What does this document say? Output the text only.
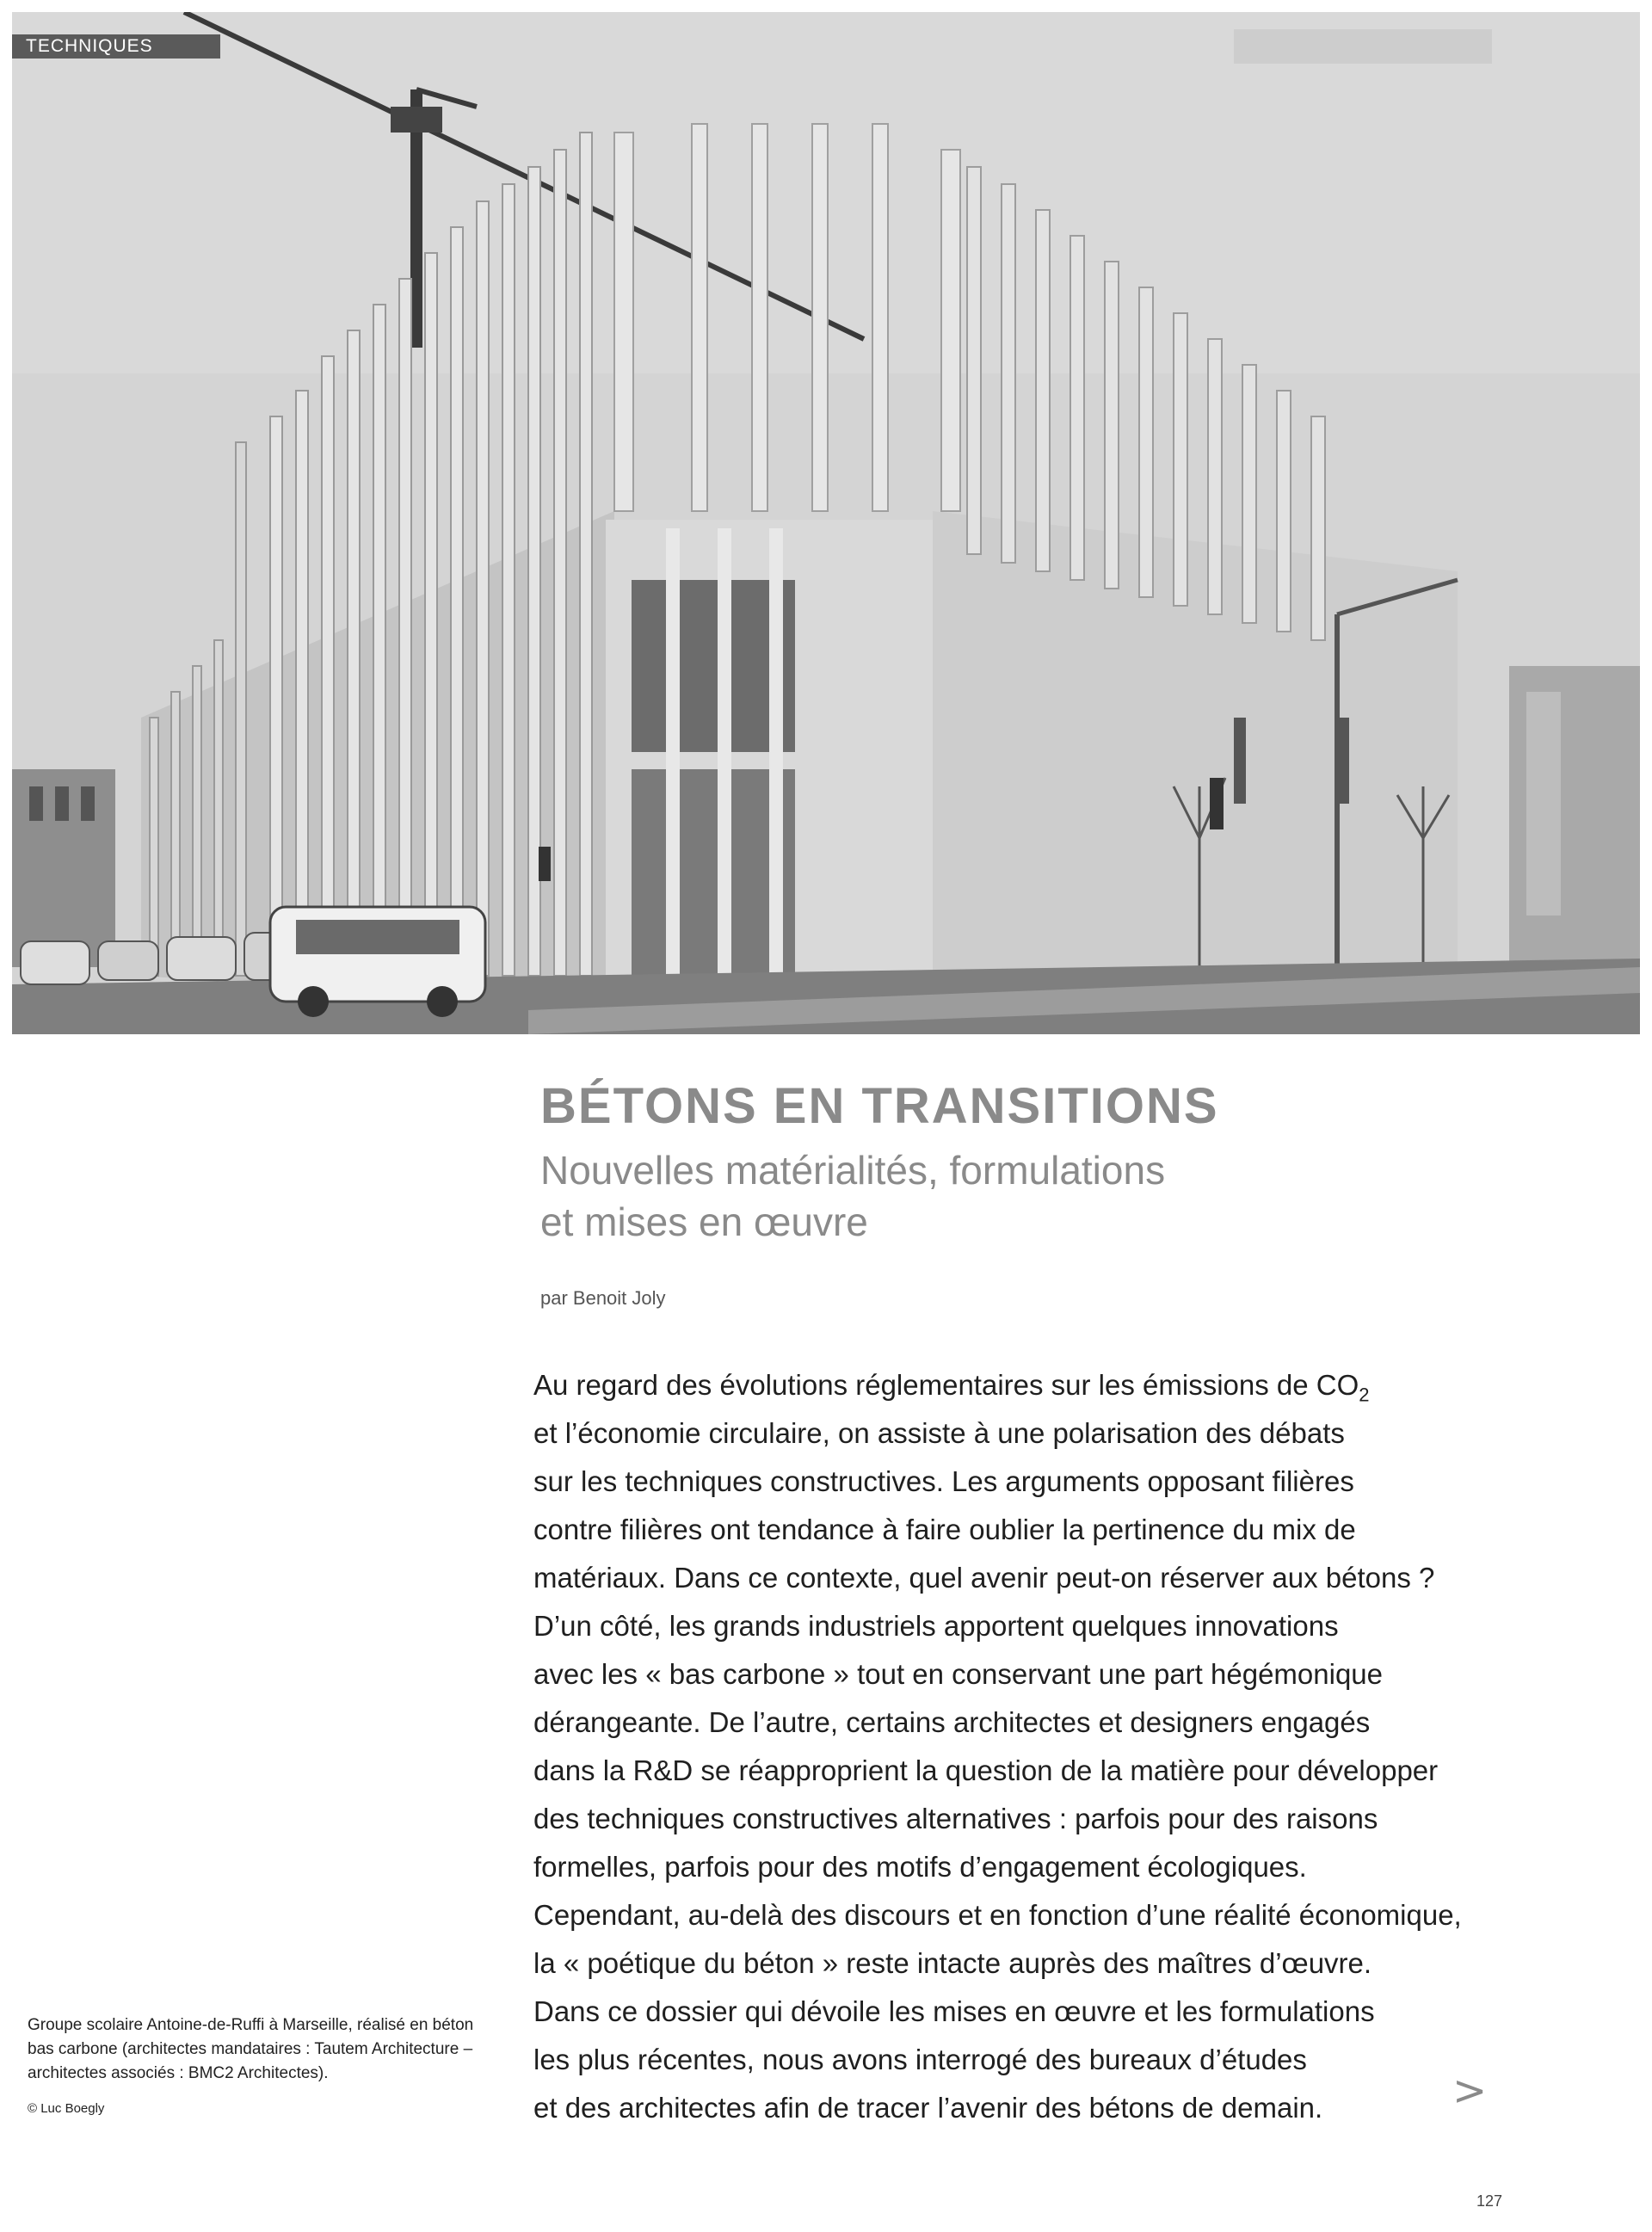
TECHNIQUES
BÉTONS EN TRANSITIONS
Nouvelles matérialités, formulations
et mises en œuvre
par Benoit Joly
Au regard des évolutions réglementaires sur les émissions de $CO_2$
et l’économie circulaire, on assiste à une polarisation des débats
sur les techniques constructives. Les arguments opposant filières
contre filières ont tendance à faire oublier la pertinence du mix de
matériaux. Dans ce contexte, quel avenir peut-on réserver aux bétons ?
D’un côté, les grands industriels apportent quelques innovations
avec les « bas carbone » tout en conservant une part hégémonique
dérangeante. De l’autre, certains architectes et designers engagés
dans la R&D se réapproprient la question de la matière pour développer
des techniques constructives alternatives : parfois pour des raisons
formelles, parfois pour des motifs d’engagement écologiques.
Cependant, au-delà des discours et en fonction d’une réalité économique,
la « poétique du béton » reste intacte auprès des maîtres d’œuvre.
Dans ce dossier qui dévoile les mises en œuvre et les formulations
les plus récentes, nous avons interrogé des bureaux d’études
et des architectes afin de tracer l’avenir des bétons de demain.	>
Groupe scolaire Antoine-de-Ruffi à Marseille, réalisé en béton bas carbone (architectes mandataires : Tautem Architecture – architectes associés : BMC2 Architectes).
© Luc Boegly
127
